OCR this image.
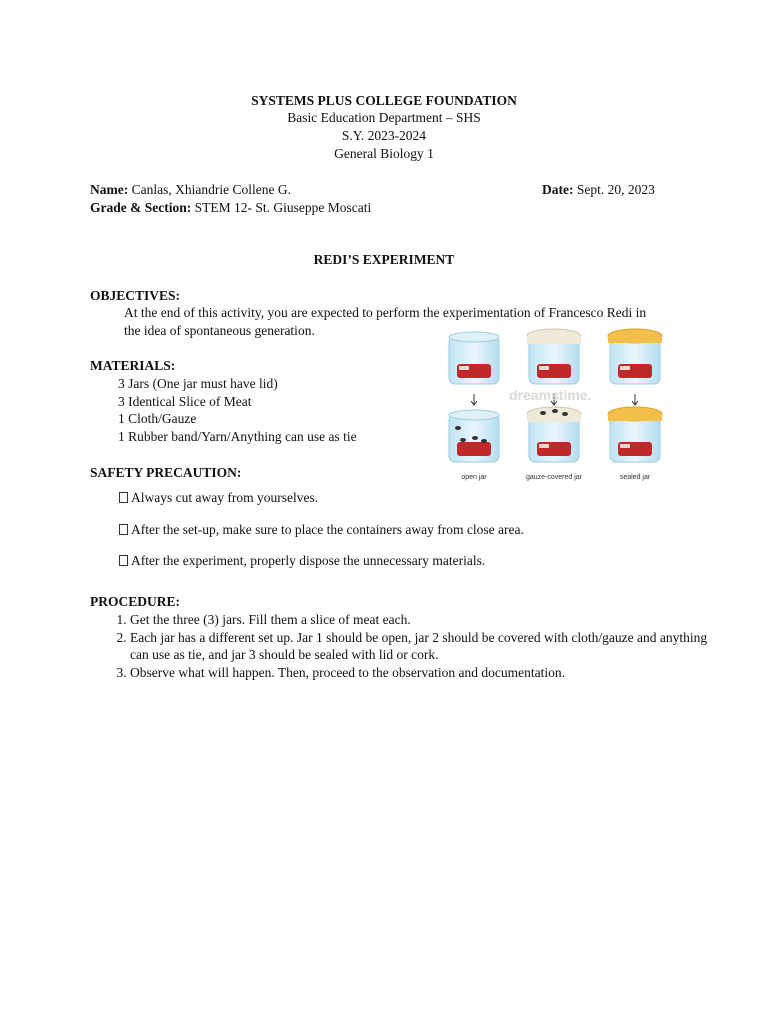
SYSTEMS PLUS COLLEGE FOUNDATION
Basic Education Department – SHS
S.Y. 2023-2024
General Biology 1
Name: Canlas, Xhiandrie Collene G.	Date: Sept. 20, 2023
Grade & Section: STEM 12- St. Giuseppe Moscati
REDI’S EXPERIMENT
OBJECTIVES:
At the end of this activity, you are expected to perform the experimentation of Francesco Redi in
the idea of spontaneous generation.
MATERIALS:
3 Jars (One jar must have lid)
3 Identical Slice of Meat
1 Cloth/Gauze
1 Rubber band/Yarn/Anything can use as tie
dreamstime.
open jar	gauze-covered jar	sealed jar
SAFETY PRECAUTION:
Always cut away from yourselves.
After the set-up, make sure to place the containers away from close area.
After the experiment, properly dispose the unnecessary materials.
PROCEDURE:
1. Get the three (3) jars. Fill them a slice of meat each.
2. Each jar has a different set up. Jar 1 should be open, jar 2 should be covered with cloth/gauze and anything can use as tie, and jar 3 should be sealed with lid or cork.
3. Observe what will happen. Then, proceed to the observation and documentation.
